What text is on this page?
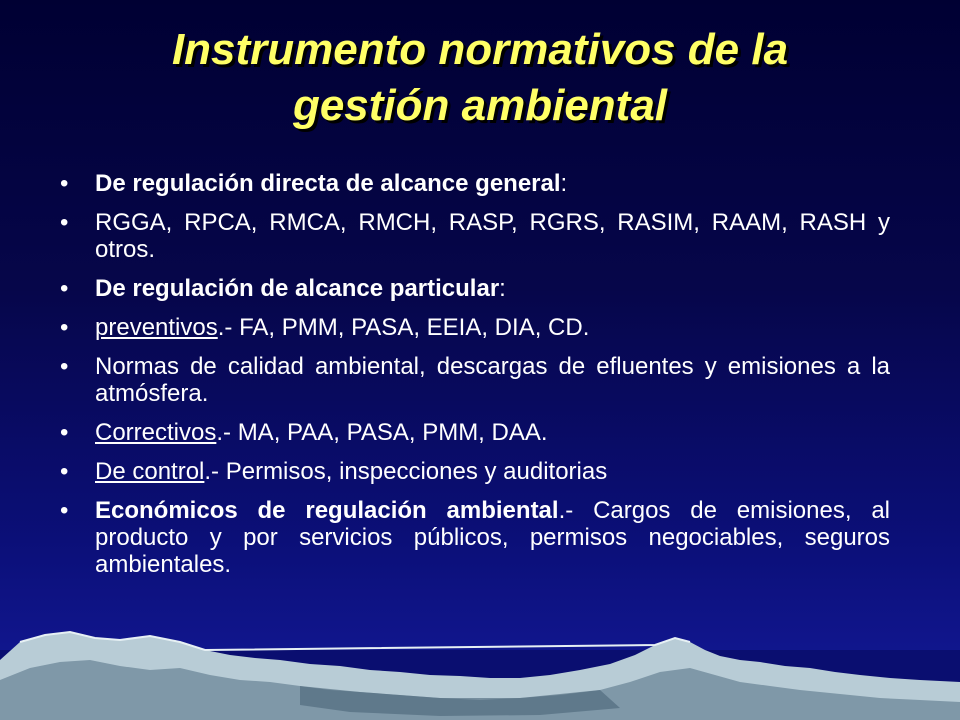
Instrumento normativos de la
gestión ambiental
• De regulación directa de alcance general:
• RGGA, RPCA, RMCA, RMCH, RASP, RGRS, RASIM, RAAM, RASH y otros.
• De regulación de alcance particular:
• preventivos.- FA, PMM, PASA, EEIA, DIA, CD.
• Normas de calidad ambiental, descargas de efluentes y emisiones a la atmósfera.
• Correctivos.- MA, PAA, PASA, PMM, DAA.
• De control.- Permisos, inspecciones y auditorias
• Económicos de regulación ambiental.- Cargos de emisiones, al producto y por servicios públicos, permisos negociables, seguros ambientales.
